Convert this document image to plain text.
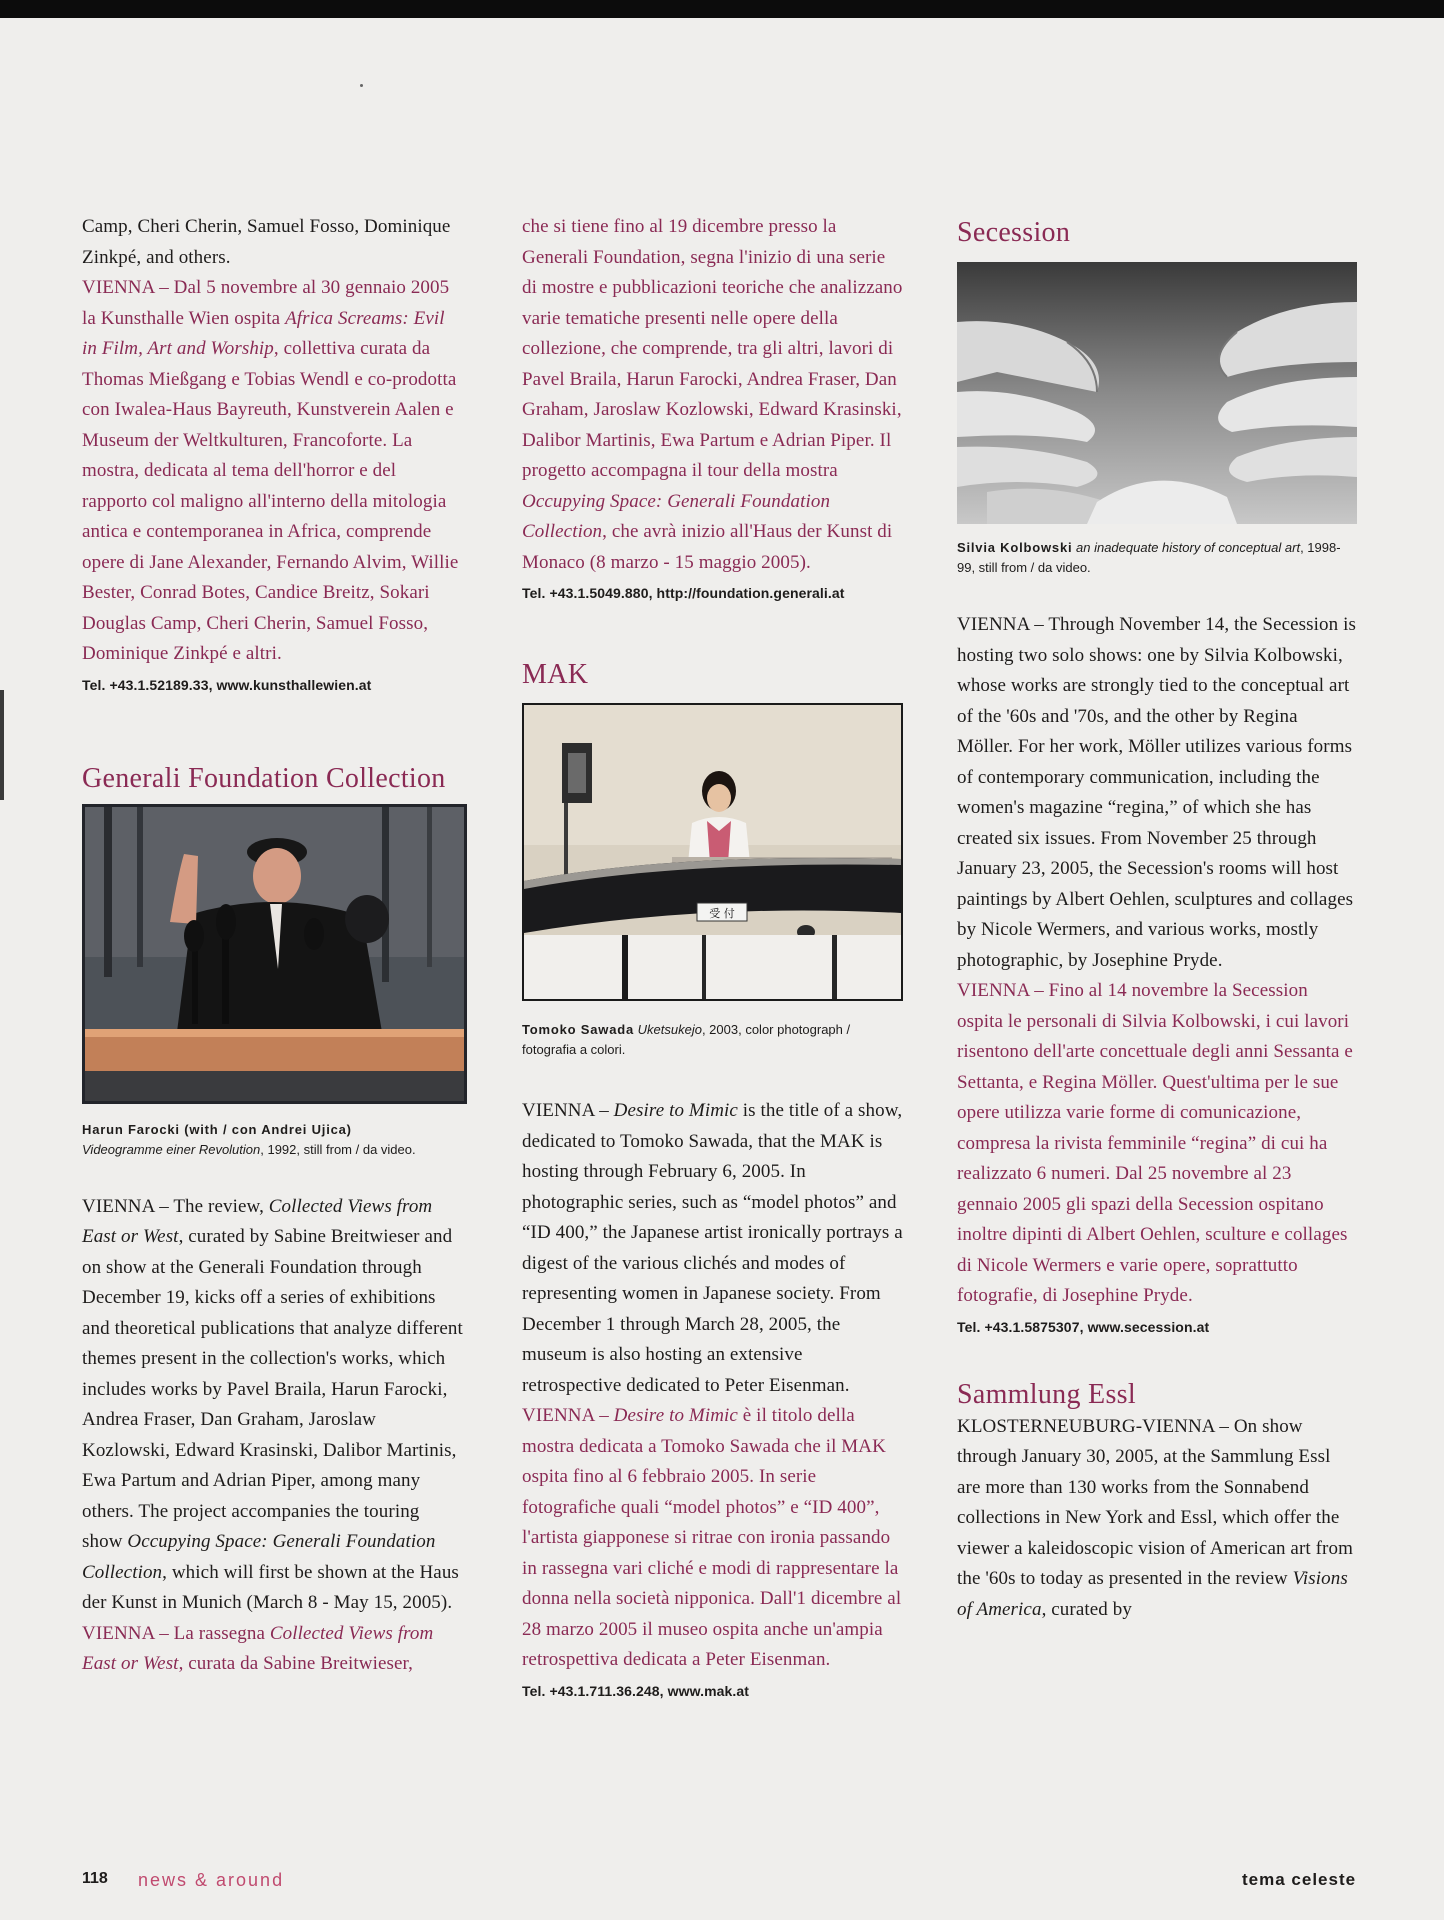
Camp, Cheri Cherin, Samuel Fosso, Dominique Zinkpé, and others.

VIENNA – Dal 5 novembre al 30 gennaio 2005 la Kunsthalle Wien ospita Africa Screams: Evil in Film, Art and Worship, collettiva curata da Thomas Mießgang e Tobias Wendl e co-prodotta con Iwalea-Haus Bayreuth, Kunstverein Aalen e Museum der Weltkulturen, Francoforte. La mostra, dedicata al tema dell'horror e del rapporto col maligno all'interno della mitologia antica e contemporanea in Africa, comprende opere di Jane Alexander, Fernando Alvim, Willie Bester, Conrad Botes, Candice Breitz, Sokari Douglas Camp, Cheri Cherin, Samuel Fosso, Dominique Zinkpé e altri.

Tel. +43.1.52189.33, www.kunsthallewien.at
Generali Foundation Collection
Harun Farocki (with / con Andrei Ujica)
Videogramme einer Revolution, 1992, still from / da video.

VIENNA – The review, Collected Views from East or West, curated by Sabine Breitwieser and on show at the Generali Foundation through December 19, kicks off a series of exhibitions and theoretical publications that analyze different themes present in the collection's works, which includes works by Pavel Braila, Harun Farocki, Andrea Fraser, Dan Graham, Jaroslaw Kozlowski, Edward Krasinski, Dalibor Martinis, Ewa Partum and Adrian Piper, among many others. The project accompanies the touring show Occupying Space: Generali Foundation Collection, which will first be shown at the Haus der Kunst in Munich (March 8 - May 15, 2005).

VIENNA – La rassegna Collected Views from East or West, curata da Sabine Breitwieser,

che si tiene fino al 19 dicembre presso la Generali Foundation, segna l'inizio di una serie di mostre e pubblicazioni teoriche che analizzano varie tematiche presenti nelle opere della collezione, che comprende, tra gli altri, lavori di Pavel Braila, Harun Farocki, Andrea Fraser, Dan Graham, Jaroslaw Kozlowski, Edward Krasinski, Dalibor Martinis, Ewa Partum e Adrian Piper. Il progetto accompagna il tour della mostra Occupying Space: Generali Foundation Collection, che avrà inizio all'Haus der Kunst di Monaco (8 marzo - 15 maggio 2005).

Tel. +43.1.5049.880, http://foundation.generali.at
MAK
受 付
Tomoko Sawada Uketsukejo, 2003, color photograph / fotografia a colori.

VIENNA – Desire to Mimic is the title of a show, dedicated to Tomoko Sawada, that the MAK is hosting through February 6, 2005. In photographic series, such as “model photos” and “ID 400,” the Japanese artist ironically portrays a digest of the various clichés and modes of representing women in Japanese society. From December 1 through March 28, 2005, the museum is also hosting an extensive retrospective dedicated to Peter Eisenman.

VIENNA – Desire to Mimic è il titolo della mostra dedicata a Tomoko Sawada che il MAK ospita fino al 6 febbraio 2005. In serie fotografiche quali “model photos” e “ID 400”, l'artista giapponese si ritrae con ironia passando in rassegna vari cliché e modi di rappresentare la donna nella società nipponica. Dall'1 dicembre al 28 marzo 2005 il museo ospita anche un'ampia retrospettiva dedicata a Peter Eisenman.

Tel. +43.1.711.36.248, www.mak.at
Secession
Silvia Kolbowski an inadequate history of conceptual art, 1998-99, still from / da video.

VIENNA – Through November 14, the Secession is hosting two solo shows: one by Silvia Kolbowski, whose works are strongly tied to the conceptual art of the '60s and '70s, and the other by Regina Möller. For her work, Möller utilizes various forms of contemporary communication, including the women's magazine “regina,” of which she has created six issues. From November 25 through January 23, 2005, the Secession's rooms will host paintings by Albert Oehlen, sculptures and collages by Nicole Wermers, and various works, mostly photographic, by Josephine Pryde.

VIENNA – Fino al 14 novembre la Secession ospita le personali di Silvia Kolbowski, i cui lavori risentono dell'arte concettuale degli anni Sessanta e Settanta, e Regina Möller. Quest'ultima per le sue opere utilizza varie forme di comunicazione, compresa la rivista femminile “regina” di cui ha realizzato 6 numeri. Dal 25 novembre al 23 gennaio 2005 gli spazi della Secession ospitano inoltre dipinti di Albert Oehlen, sculture e collages di Nicole Wermers e varie opere, soprattutto fotografie, di Josephine Pryde.

Tel. +43.1.5875307, www.secession.at
Sammlung Essl

KLOSTERNEUBURG-VIENNA – On show through January 30, 2005, at the Sammlung Essl are more than 130 works from the Sonnabend collections in New York and Essl, which offer the viewer a kaleidoscopic vision of American art from the '60s to today as presented in the review Visions of America, curated by

118 news & around	tema celeste
